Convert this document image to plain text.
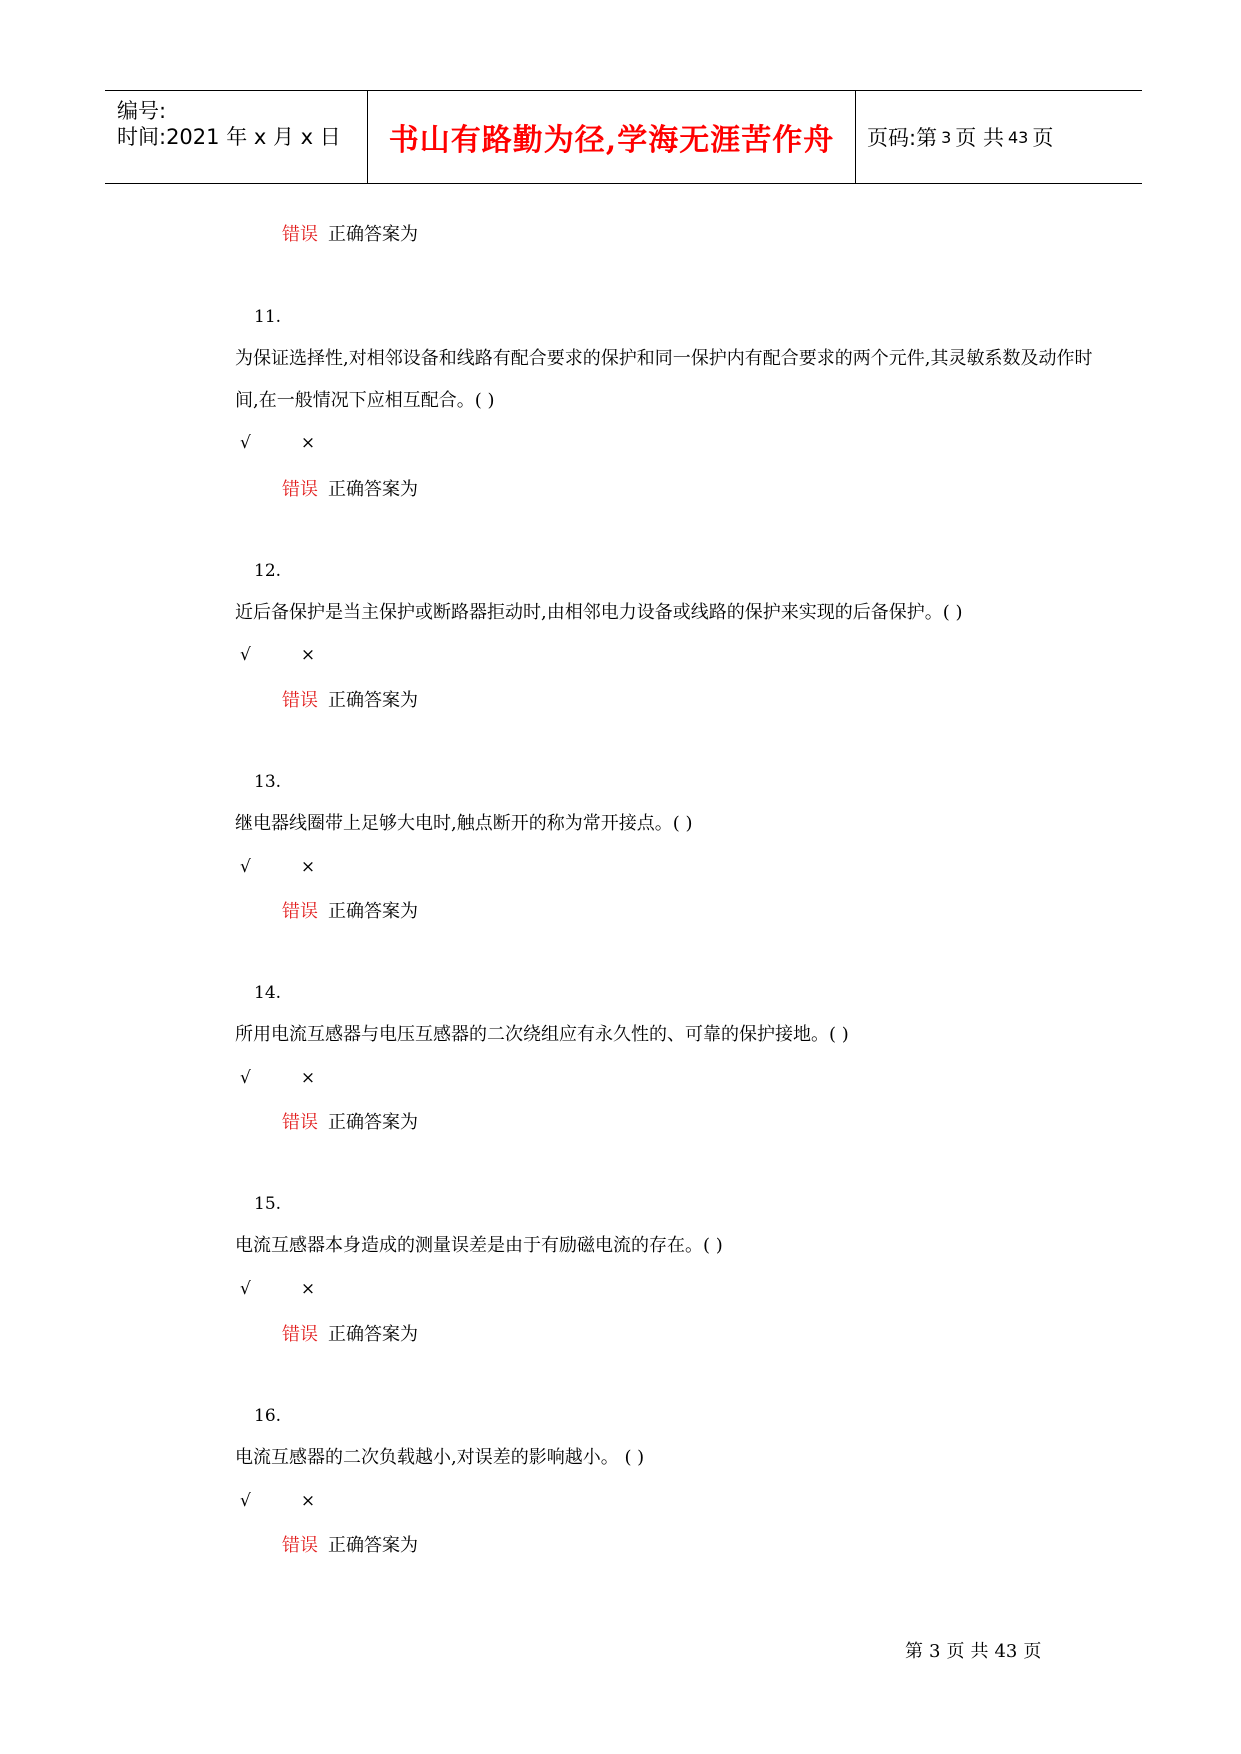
编号:
时间:2021 年 x 月 x 日	书山有路勤为径,学海无涯苦作舟	页码:第 3 页 共 43 页
错误 正确答案为
11.
为保证选择性,对相邻设备和线路有配合要求的保护和同一保护内有配合要求的两个元件,其灵敏系数及动作时间,在一般情况下应相互配合。( )
√	×
错误 正确答案为
12.
近后备保护是当主保护或断路器拒动时,由相邻电力设备或线路的保护来实现的后备保护。( )
√	×
错误 正确答案为
13.
继电器线圈带上足够大电时,触点断开的称为常开接点。( )
√	×
错误 正确答案为
14.
所用电流互感器与电压互感器的二次绕组应有永久性的、可靠的保护接地。( )
√	×
错误 正确答案为
15.
电流互感器本身造成的测量误差是由于有励磁电流的存在。( )
√	×
错误 正确答案为
16.
电流互感器的二次负载越小,对误差的影响越小。 ( )
√	×
错误 正确答案为
第 3 页 共 43 页
